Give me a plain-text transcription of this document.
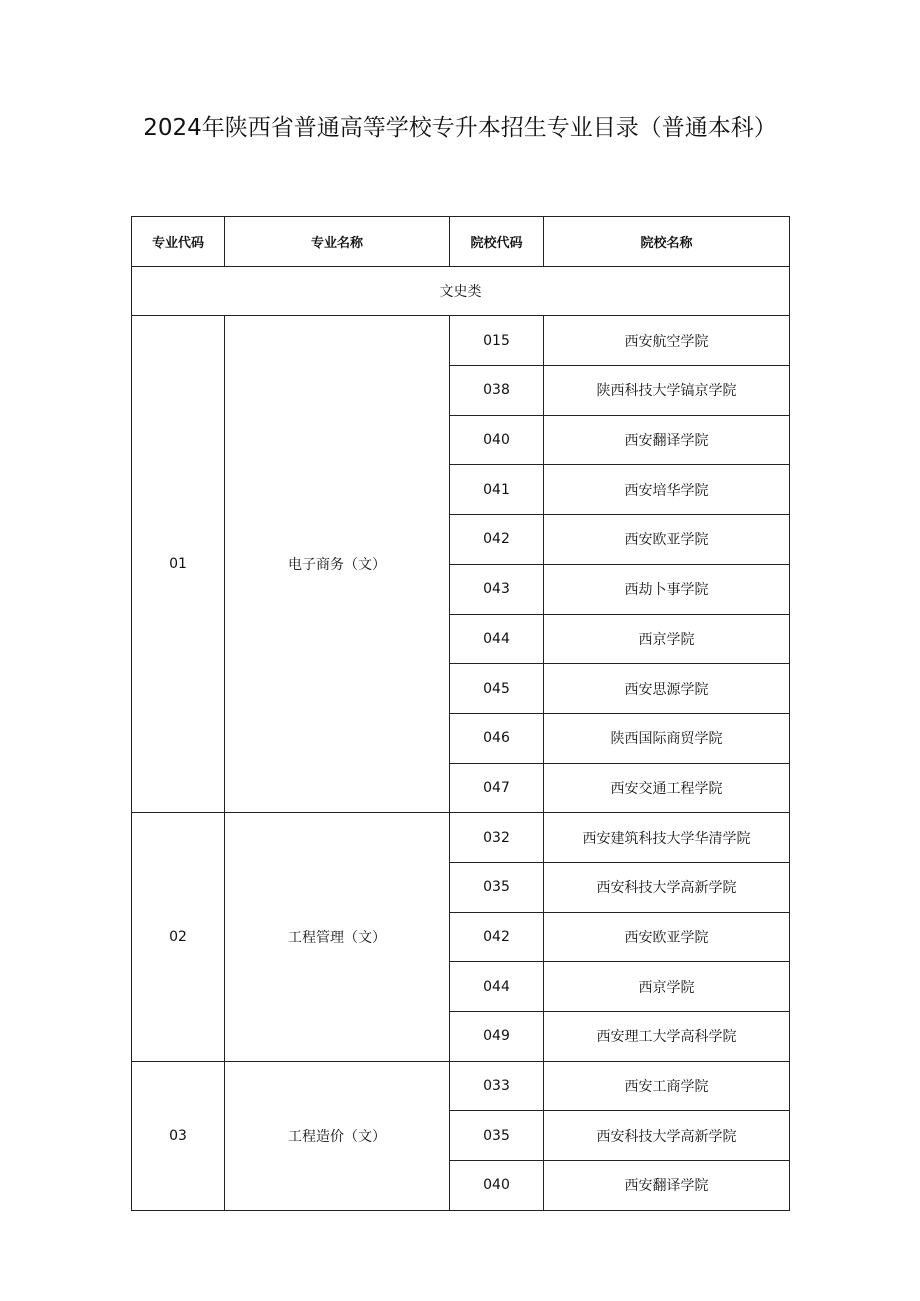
2024年陕西省普通高等学校专升本招生专业目录（普通本科）
专业代码	专业名称	院校代码	院校名称
文史类			
01	电子商务（文）	015	西安航空学院
		038	陕西科技大学镐京学院
		040	西安翻译学院
		041	西安培华学院
		042	西安欧亚学院
		043	西劫卜事学院
		044	西京学院
		045	西安思源学院
		046	陕西国际商贸学院
		047	西安交通工程学院
02	工程管理（文）	032	西安建筑科技大学华清学院
		035	西安科技大学高新学院
		042	西安欧亚学院
		044	西京学院
		049	西安理工大学高科学院
03	工程造价（文）	033	西安工商学院
		035	西安科技大学高新学院
		040	西安翻译学院
